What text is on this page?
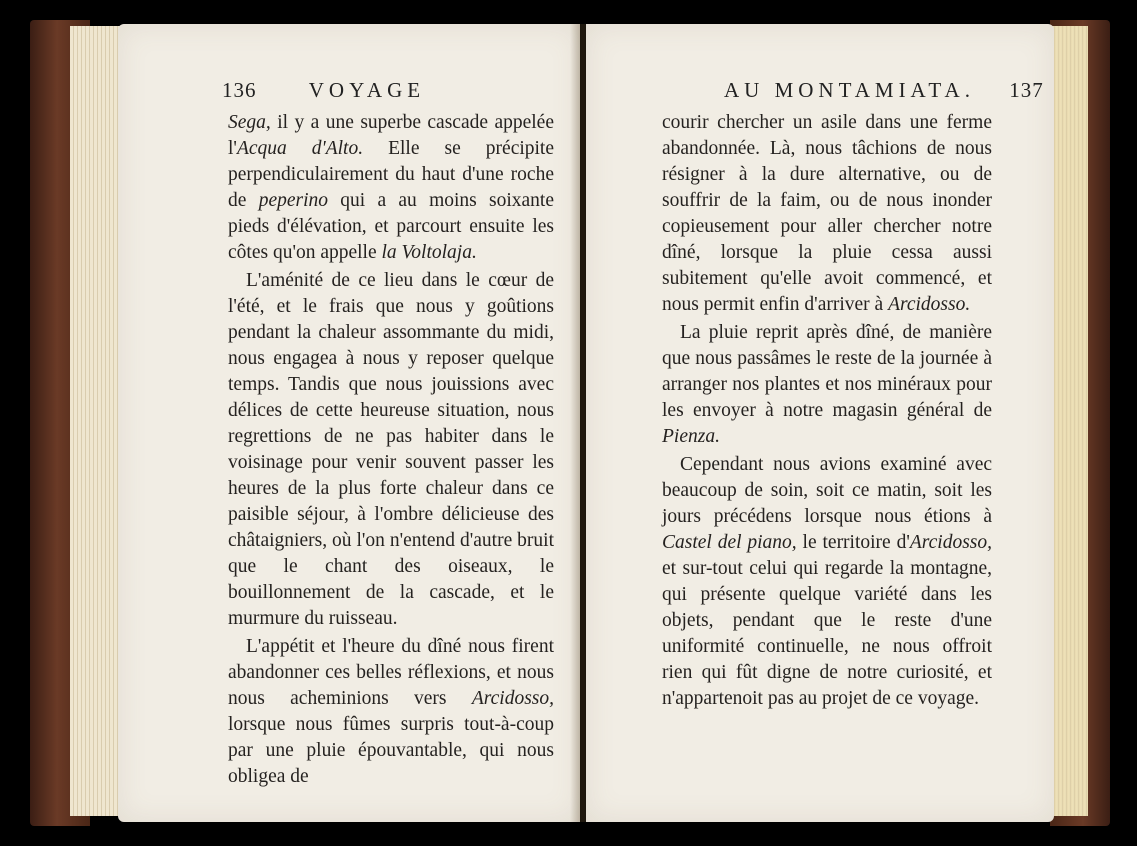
136 VOYAGE

Sega, il y a une superbe cascade appelée l'Acqua d'Alto. Elle se précipite perpendiculairement du haut d'une roche de peperino qui a au moins soixante pieds d'élévation, et parcourt ensuite les côtes qu'on appelle la Voltolaja.

L'aménité de ce lieu dans le cœur de l'été, et le frais que nous y goûtions pendant la chaleur assommante du midi, nous engagea à nous y reposer quelque temps. Tandis que nous jouissions avec délices de cette heureuse situation, nous regrettions de ne pas habiter dans le voisinage pour venir souvent passer les heures de la plus forte chaleur dans ce paisible séjour, à l'ombre délicieuse des châtaigniers, où l'on n'entend d'autre bruit que le chant des oiseaux, le bouillonnement de la cascade, et le murmure du ruisseau.

L'appétit et l'heure du dîné nous firent abandonner ces belles réflexions, et nous nous acheminions vers Arcidosso, lorsque nous fûmes surpris tout-à-coup par une pluie épouvantable, qui nous obligea de

AU MONTAMIATA. 137

courir chercher un asile dans une ferme abandonnée. Là, nous tâchions de nous résigner à la dure alternative, ou de souffrir de la faim, ou de nous inonder copieusement pour aller chercher notre dîné, lorsque la pluie cessa aussi subitement qu'elle avoit commencé, et nous permit enfin d'arriver à Arcidosso.

La pluie reprit après dîné, de manière que nous passâmes le reste de la journée à arranger nos plantes et nos minéraux pour les envoyer à notre magasin général de Pienza.

Cependant nous avions examiné avec beaucoup de soin, soit ce matin, soit les jours précédens lorsque nous étions à Castel del piano, le territoire d'Arcidosso, et sur-tout celui qui regarde la montagne, qui présente quelque variété dans les objets, pendant que le reste d'une uniformité continuelle, ne nous offroit rien qui fût digne de notre curiosité, et n'appartenoit pas au projet de ce voyage.
